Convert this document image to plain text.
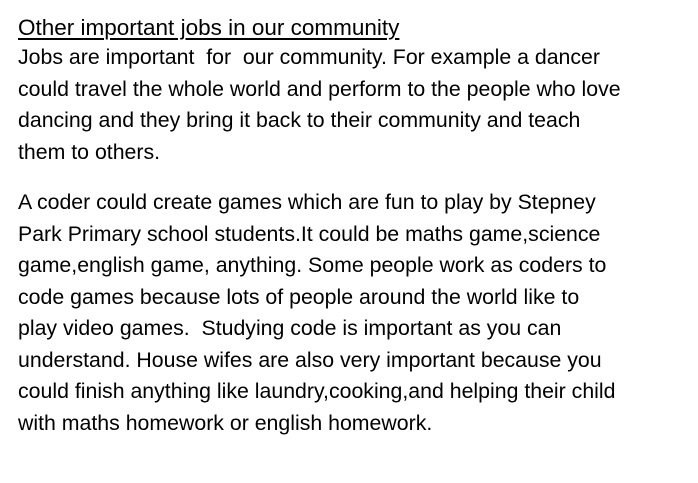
Other important jobs in our community

Jobs are important  for  our community. For example a dancer
could travel the whole world and perform to the people who love
dancing and they bring it back to their community and teach
them to others.

A coder could create games which are fun to play by Stepney
Park Primary school students.It could be maths game,science
game,english game, anything. Some people work as coders to
code games because lots of people around the world like to
play video games.  Studying code is important as you can
understand. House wifes are also very important because you
could finish anything like laundry,cooking,and helping their child
with maths homework or english homework.
